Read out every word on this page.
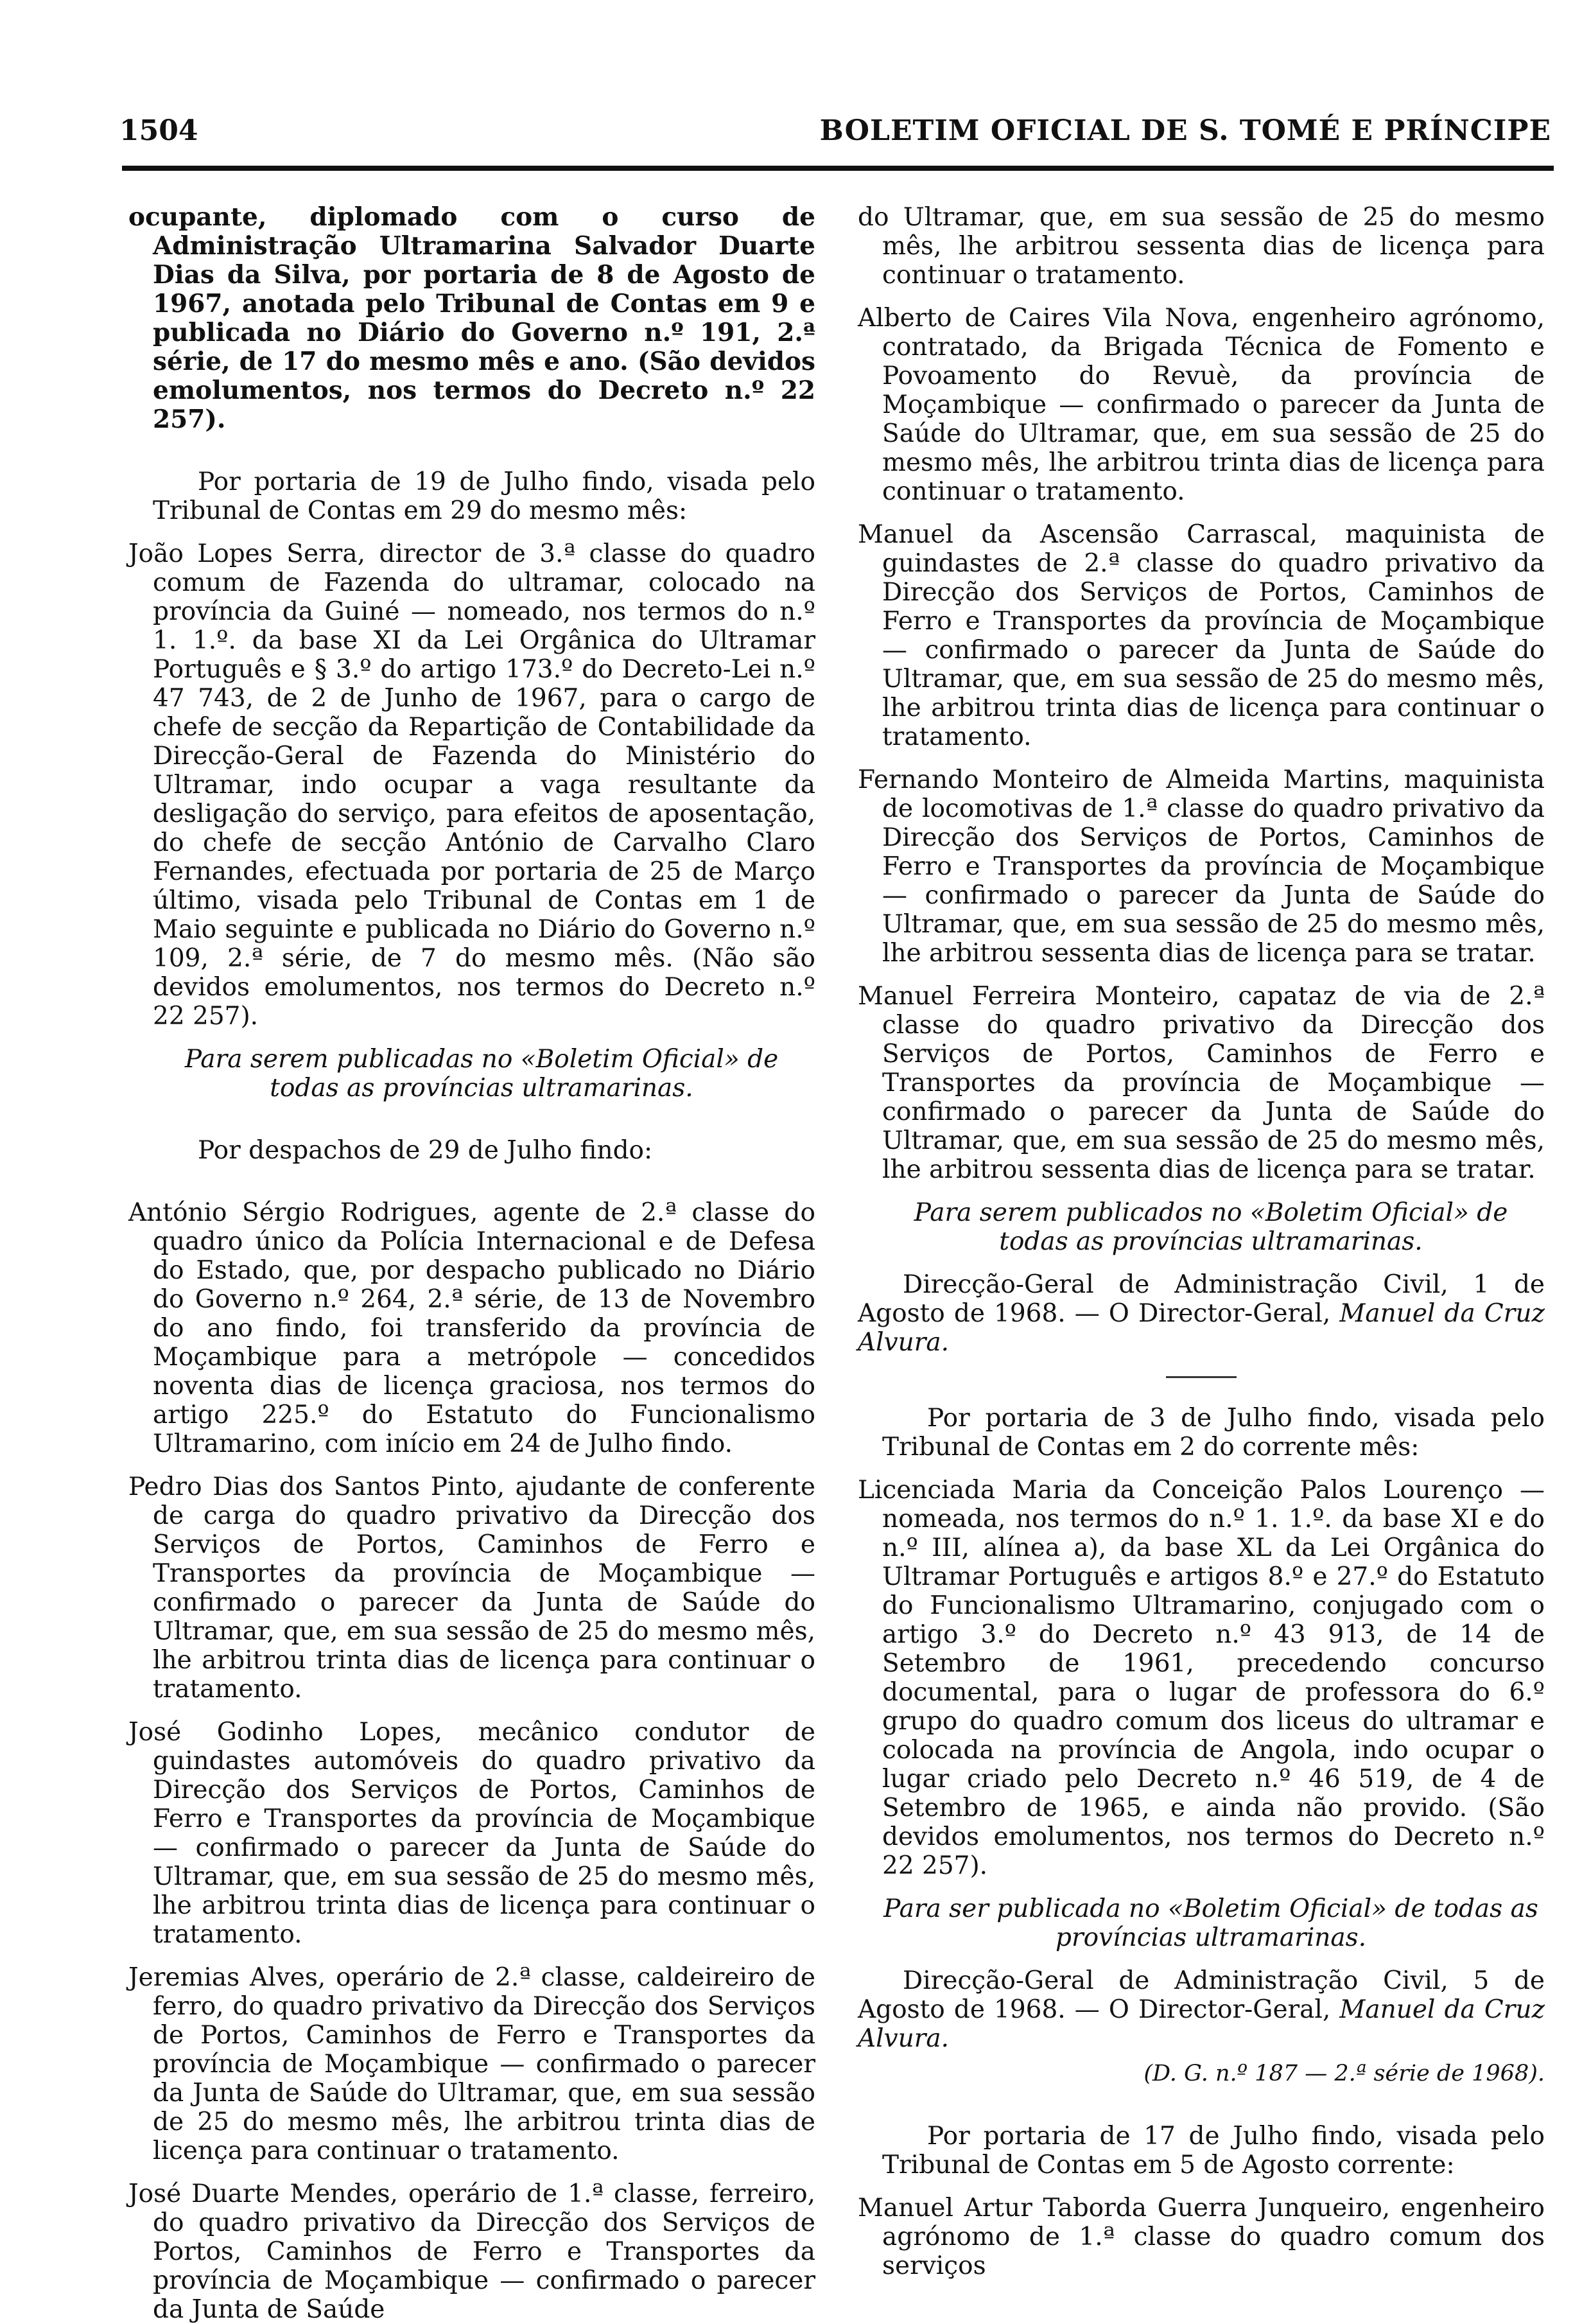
1504	BOLETIM OFICIAL DE S. TOMÉ E PRÍNCIPE

ocupante, diplomado com o curso de Administração Ultramarina Salvador Duarte Dias da Silva, por portaria de 8 de Agosto de 1967, anotada pelo Tribunal de Contas em 9 e publicada no Diário do Governo n.º 191, 2.ª série, de 17 do mesmo mês e ano. (São devidos emolumentos, nos termos do Decreto n.º 22 257).

Por portaria de 19 de Julho findo, visada pelo Tribunal de Contas em 29 do mesmo mês:

João Lopes Serra, director de 3.ª classe do quadro comum de Fazenda do ultramar, colocado na província da Guiné — nomeado, nos termos do n.º 1. 1.º. da base XI da Lei Orgânica do Ultramar Português e § 3.º do artigo 173.º do Decreto-Lei n.º 47 743, de 2 de Junho de 1967, para o cargo de chefe de secção da Repartição de Contabilidade da Direcção-Geral de Fazenda do Ministério do Ultramar, indo ocupar a vaga resultante da desligação do serviço, para efeitos de aposentação, do chefe de secção António de Carvalho Claro Fernandes, efectuada por portaria de 25 de Março último, visada pelo Tribunal de Contas em 1 de Maio seguinte e publicada no Diário do Governo n.º 109, 2.ª série, de 7 do mesmo mês. (Não são devidos emolumentos, nos termos do Decreto n.º 22 257).

Para serem publicadas no «Boletim Oficial» de todas as províncias ultramarinas.

Por despachos de 29 de Julho findo:

António Sérgio Rodrigues, agente de 2.ª classe do quadro único da Polícia Internacional e de Defesa do Estado, que, por despacho publicado no Diário do Governo n.º 264, 2.ª série, de 13 de Novembro do ano findo, foi transferido da província de Moçambique para a metrópole — concedidos noventa dias de licença graciosa, nos termos do artigo 225.º do Estatuto do Funcionalismo Ultramarino, com início em 24 de Julho findo.

Pedro Dias dos Santos Pinto, ajudante de conferente de carga do quadro privativo da Direcção dos Serviços de Portos, Caminhos de Ferro e Transportes da província de Moçambique — confirmado o parecer da Junta de Saúde do Ultramar, que, em sua sessão de 25 do mesmo mês, lhe arbitrou trinta dias de licença para continuar o tratamento.

José Godinho Lopes, mecânico condutor de guindastes automóveis do quadro privativo da Direcção dos Serviços de Portos, Caminhos de Ferro e Transportes da província de Moçambique — confirmado o parecer da Junta de Saúde do Ultramar, que, em sua sessão de 25 do mesmo mês, lhe arbitrou trinta dias de licença para continuar o tratamento.

Jeremias Alves, operário de 2.ª classe, caldeireiro de ferro, do quadro privativo da Direcção dos Serviços de Portos, Caminhos de Ferro e Transportes da província de Moçambique — confirmado o parecer da Junta de Saúde do Ultramar, que, em sua sessão de 25 do mesmo mês, lhe arbitrou trinta dias de licença para continuar o tratamento.

José Duarte Mendes, operário de 1.ª classe, ferreiro, do quadro privativo da Direcção dos Serviços de Portos, Caminhos de Ferro e Transportes da província de Moçambique — confirmado o parecer da Junta de Saúde

do Ultramar, que, em sua sessão de 25 do mesmo mês, lhe arbitrou sessenta dias de licença para continuar o tratamento.

Alberto de Caires Vila Nova, engenheiro agrónomo, contratado, da Brigada Técnica de Fomento e Povoamento do Revuè, da província de Moçambique — confirmado o parecer da Junta de Saúde do Ultramar, que, em sua sessão de 25 do mesmo mês, lhe arbitrou trinta dias de licença para continuar o tratamento.

Manuel da Ascensão Carrascal, maquinista de guindastes de 2.ª classe do quadro privativo da Direcção dos Serviços de Portos, Caminhos de Ferro e Transportes da província de Moçambique — confirmado o parecer da Junta de Saúde do Ultramar, que, em sua sessão de 25 do mesmo mês, lhe arbitrou trinta dias de licença para continuar o tratamento.

Fernando Monteiro de Almeida Martins, maquinista de locomotivas de 1.ª classe do quadro privativo da Direcção dos Serviços de Portos, Caminhos de Ferro e Transportes da província de Moçambique — confirmado o parecer da Junta de Saúde do Ultramar, que, em sua sessão de 25 do mesmo mês, lhe arbitrou sessenta dias de licença para se tratar.

Manuel Ferreira Monteiro, capataz de via de 2.ª classe do quadro privativo da Direcção dos Serviços de Portos, Caminhos de Ferro e Transportes da província de Moçambique — confirmado o parecer da Junta de Saúde do Ultramar, que, em sua sessão de 25 do mesmo mês, lhe arbitrou sessenta dias de licença para se tratar.

Para serem publicados no «Boletim Oficial» de todas as províncias ultramarinas.

Direcção-Geral de Administração Civil, 1 de Agosto de 1968. — O Director-Geral, Manuel da Cruz Alvura.

Por portaria de 3 de Julho findo, visada pelo Tribunal de Contas em 2 do corrente mês:

Licenciada Maria da Conceição Palos Lourenço — nomeada, nos termos do n.º 1. 1.º. da base XI e do n.º III, alínea a), da base XL da Lei Orgânica do Ultramar Português e artigos 8.º e 27.º do Estatuto do Funcionalismo Ultramarino, conjugado com o artigo 3.º do Decreto n.º 43 913, de 14 de Setembro de 1961, precedendo concurso documental, para o lugar de professora do 6.º grupo do quadro comum dos liceus do ultramar e colocada na província de Angola, indo ocupar o lugar criado pelo Decreto n.º 46 519, de 4 de Setembro de 1965, e ainda não provido. (São devidos emolumentos, nos termos do Decreto n.º 22 257).

Para ser publicada no «Boletim Oficial» de todas as províncias ultramarinas.

Direcção-Geral de Administração Civil, 5 de Agosto de 1968. — O Director-Geral, Manuel da Cruz Alvura.

(D. G. n.º 187 — 2.ª série de 1968).

Por portaria de 17 de Julho findo, visada pelo Tribunal de Contas em 5 de Agosto corrente:

Manuel Artur Taborda Guerra Junqueiro, engenheiro agrónomo de 1.ª classe do quadro comum dos serviços
